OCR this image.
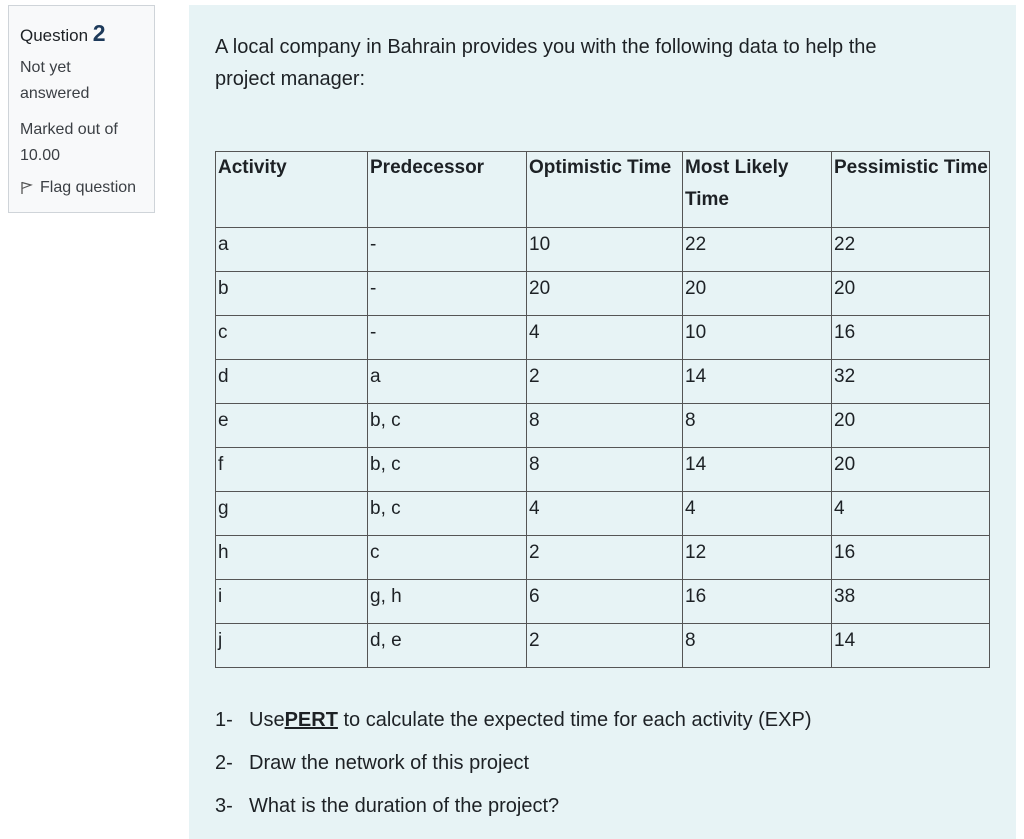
Question 2
Not yet answered
Marked out of 10.00
Flag question
A local company in Bahrain provides you with the following data to help the project manager:
Activity	Predecessor	Optimistic Time	Most Likely Time	Pessimistic Time
a	-	10	22	22
b	-	20	20	20
c	-	4	10	16
d	a	2	14	32
e	b, c	8	8	20
f	b, c	8	14	20
g	b, c	4	4	4
h	c	2	12	16
i	g, h	6	16	38
j	d, e	2	8	14
1- UsePERT to calculate the expected time for each activity (EXP)
2- Draw the network of this project
3- What is the duration of the project?
